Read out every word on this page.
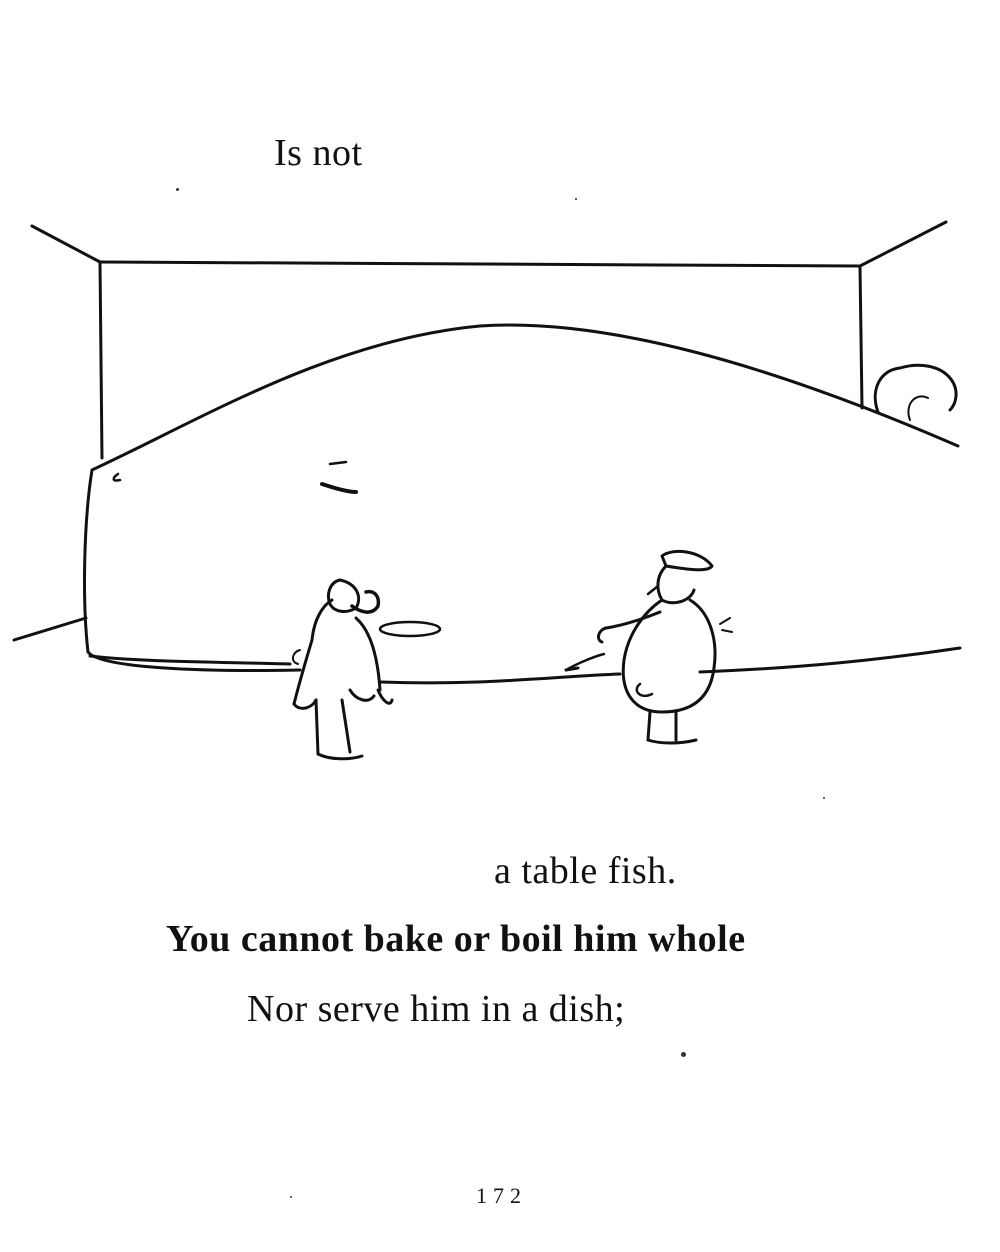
Is not
a table fish.
You cannot bake or boil him whole
Nor serve him in a dish;
172
